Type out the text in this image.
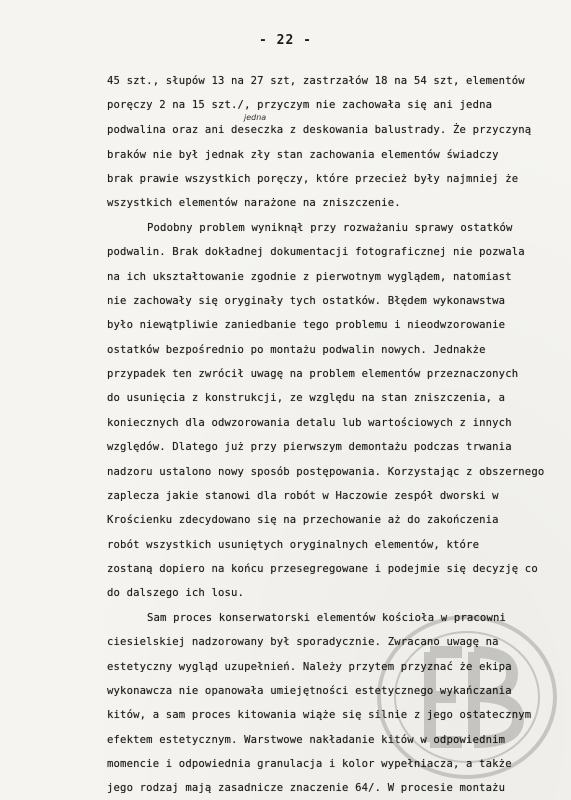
- 22 -
jedna
45 szt., słupów 13 na 27 szt, zastrzałów 18 na 54 szt, elementów
poręczy 2 na 15 szt./, przyczym nie zachowała się ani jedna
podwalina oraz ani deseczka z deskowania balustrady. Że przyczyną
braków nie był jednak zły stan zachowania elementów świadczy
brak prawie wszystkich poręczy, które przecież były najmniej że
wszystkich elementów narażone na zniszczenie.
Podobny problem wyniknął przy rozważaniu sprawy ostatków
podwalin. Brak dokładnej dokumentacji fotograficznej nie pozwala
na ich ukształtowanie zgodnie z pierwotnym wyglądem, natomiast
nie zachowały się oryginały tych ostatków. Błędem wykonawstwa
było niewątpliwie zaniedbanie tego problemu i nieodwzorowanie
ostatków bezpośrednio po montażu podwalin nowych. Jednakże
przypadek ten zwrócił uwagę na problem elementów przeznaczonych
do usunięcia z konstrukcji, ze względu na stan zniszczenia, a
koniecznych dla odwzorowania detalu lub wartościowych z innych
względów. Dlatego już przy pierwszym demontażu podczas trwania
nadzoru ustalono nowy sposób postępowania. Korzystając z obszernego
zaplecza jakie stanowi dla robót w Haczowie zespół dworski w
Krościenku zdecydowano się na przechowanie aż do zakończenia
robót wszystkich usuniętych oryginalnych elementów, które
zostaną dopiero na końcu przesegregowane i podejmie się decyzję co
do dalszego ich losu.
Sam proces konserwatorski elementów kościoła w pracowni
ciesielskiej nadzorowany był sporadycznie. Zwracano uwagę na
estetyczny wygląd uzupełnień. Należy przytem przyznać że ekipa
wykonawcza nie opanowała umiejętności estetycznego wykańczania
kitów, a sam proces kitowania wiąże się silnie z jego ostatecznym
efektem estetycznym. Warstwowe nakładanie kitów w odpowiednim
momencie i odpowiednia granulacja i kolor wypełniacza, a także
jego rodzaj mają zasadnicze znaczenie 64/. W procesie montażu
